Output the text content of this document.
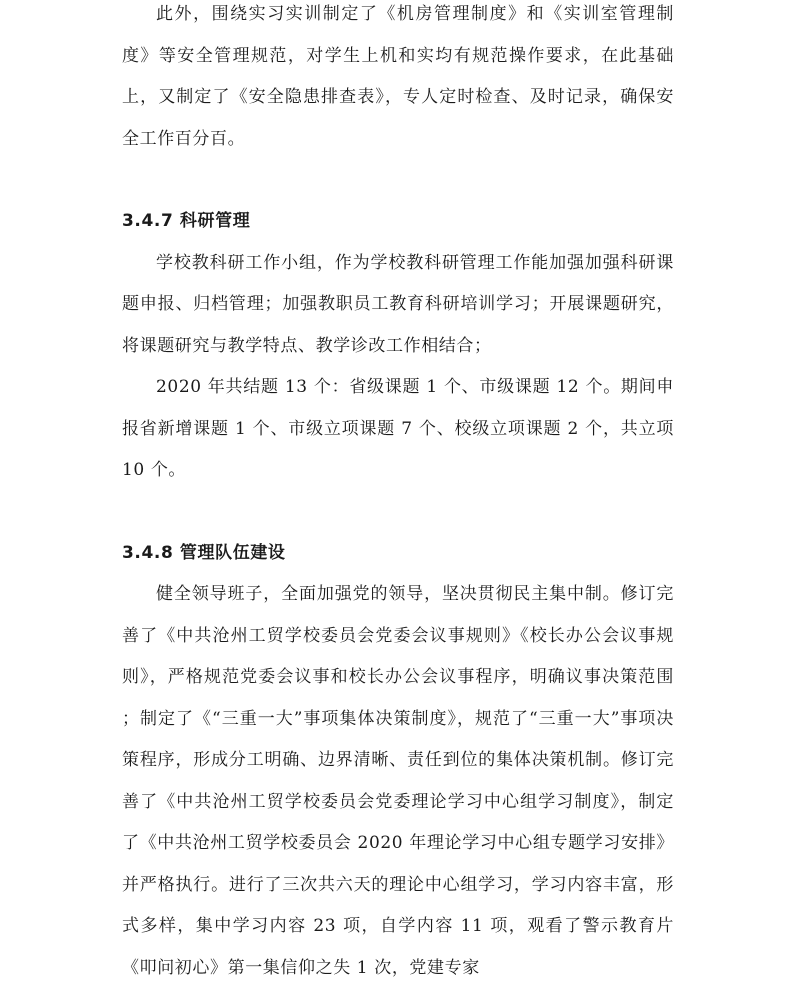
此外，围绕实习实训制定了《机房管理制度》和《实训室管理制度》等安全管理规范，对学生上机和实均有规范操作要求，在此基础上，又制定了《安全隐患排查表》，专人定时检查、及时记录，确保安全工作百分百。

3.4.7 科研管理

学校教科研工作小组，作为学校教科研管理工作能加强加强科研课题申报、归档管理；加强教职员工教育科研培训学习；开展课题研究，将课题研究与教学特点、教学诊改工作相结合；

2020 年共结题 13 个：省级课题 1 个、市级课题 12 个。期间申报省新增课题 1 个、市级立项课题 7 个、校级立项课题 2 个，共立项 10 个。

3.4.8 管理队伍建设

健全领导班子，全面加强党的领导，坚决贯彻民主集中制。修订完善了《中共沧州工贸学校委员会党委会议事规则》《校长办公会议事规则》，严格规范党委会议事和校长办公会议事程序，明确议事决策范围 ；制定了《“三重一大”事项集体决策制度》，规范了“三重一大”事项决策程序，形成分工明确、边界清晰、责任到位的集体决策机制。修订完善了《中共沧州工贸学校委员会党委理论学习中心组学习制度》，制定了《中共沧州工贸学校委员会 2020 年理论学习中心组专题学习安排》并严格执行。进行了三次共六天的理论中心组学习，学习内容丰富，形式多样，集中学习内容 23 项，自学内容 11 项，观看了警示教育片《叩问初心》第一集信仰之失 1 次，党建专家
